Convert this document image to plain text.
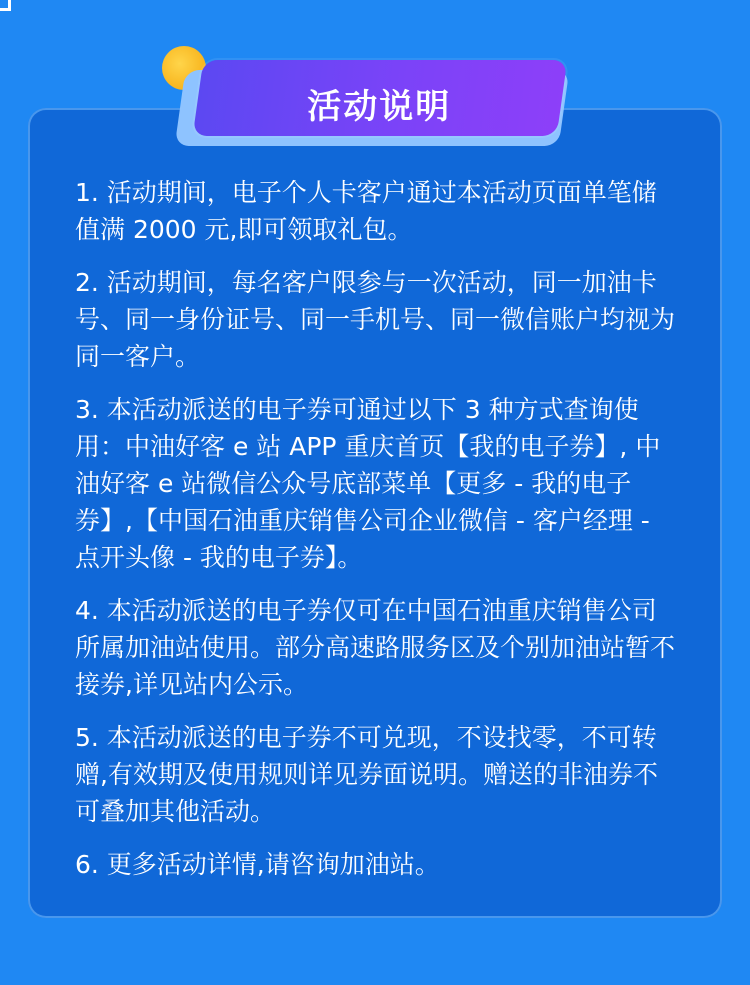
1. 活动期间，电子个人卡客户通过本活动页面单笔储值满 2000 元,即可领取礼包。

2. 活动期间，每名客户限参与一次活动，同一加油卡号、同一身份证号、同一手机号、同一微信账户均视为同一客户。

3. 本活动派送的电子券可通过以下 3 种方式查询使用：中油好客 e 站 APP 重庆首页【我的电子券】, 中油好客 e 站微信公众号底部菜单【更多 - 我的电子券】,【中国石油重庆销售公司企业微信 - 客户经理 - 点开头像 - 我的电子券】。

4. 本活动派送的电子券仅可在中国石油重庆销售公司所属加油站使用。部分高速路服务区及个别加油站暂不接券,详见站内公示。

5. 本活动派送的电子券不可兑现，不设找零，不可转赠,有效期及使用规则详见券面说明。赠送的非油券不可叠加其他活动。

6. 更多活动详情,请咨询加油站。

活动说明
